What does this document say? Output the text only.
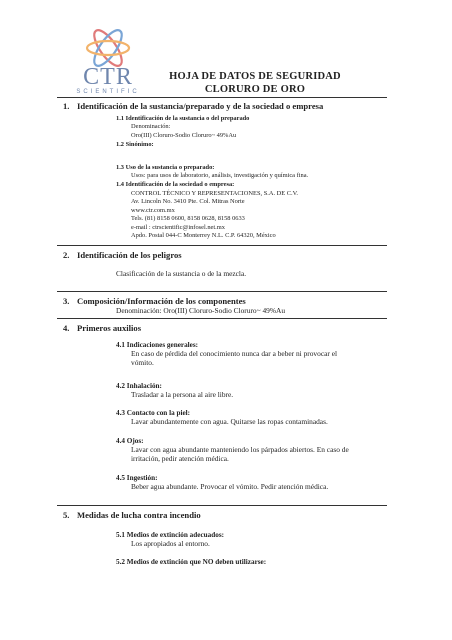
CTR
SCIENTIFIC
HOJA DE DATOS DE SEGURIDAD
CLORURO DE ORO
1. Identificación de la sustancia/preparado y de la sociedad o empresa
1.1 Identificación de la sustancia o del preparado
Denominación:
Oro(III) Cloruro-Sodio Cloruro~ 49%Au
1.2 Sinónimo:
1.3 Uso de la sustancia o preparado:
Usos: para usos de laboratorio, análisis, investigación y química fina.
1.4 Identificación de la sociedad o empresa:
CONTROL TÉCNICO Y REPRESENTACIONES, S.A. DE C.V.
Av. Lincoln No. 3410 Pte. Col. Mitras Norte
www.ctr.com.mx
Tels. (81) 8158 0600, 8158 0628, 8158 0633
e-mail : ctrscientific@infosel.net.mx
Apdo. Postal 044-C Monterrey N.L. C.P. 64320, México
2. Identificación de los peligros
Clasificación de la sustancia o de la mezcla.
3. Composición/Información de los componentes
Denominación: Oro(III) Cloruro-Sodio Cloruro~ 49%Au
4. Primeros auxilios
4.1 Indicaciones generales:
En caso de pérdida del conocimiento nunca dar a beber ni provocar el
vómito.
4.2 Inhalación:
Trasladar a la persona al aire libre.
4.3 Contacto con la piel:
Lavar abundantemente con agua. Quitarse las ropas contaminadas.
4.4 Ojos:
Lavar con agua abundante manteniendo los párpados abiertos. En caso de
irritación, pedir atención médica.
4.5 Ingestión:
Beber agua abundante. Provocar el vómito. Pedir atención médica.
5. Medidas de lucha contra incendio
5.1 Medios de extinción adecuados:
Los apropiados al entorno.
5.2 Medios de extinción que NO deben utilizarse:
